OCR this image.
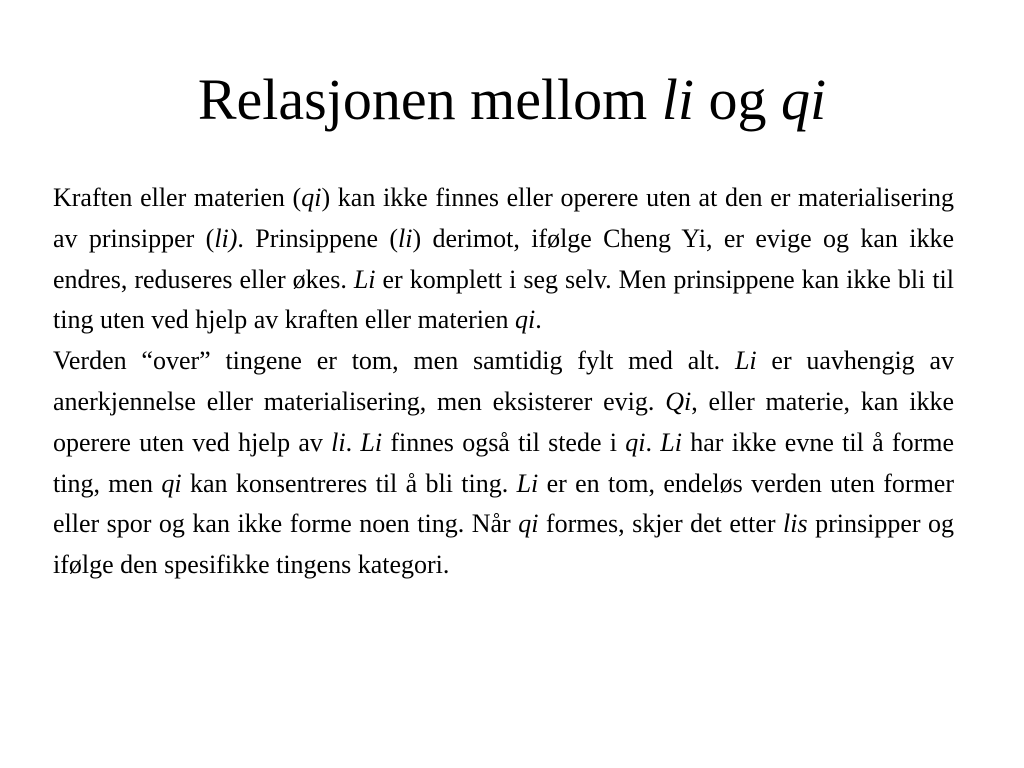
Relasjonen mellom li og qi

Kraften eller materien (qi) kan ikke finnes eller operere uten at den er materialisering av prinsipper (li). Prinsippene (li) derimot, ifølge Cheng Yi, er evige og kan ikke endres, reduseres eller økes. Li er komplett i seg selv. Men prinsippene kan ikke bli til ting uten ved hjelp av kraften eller materien qi.

Verden “over” tingene er tom, men samtidig fylt med alt. Li er uavhengig av anerkjennelse eller materialisering, men eksisterer evig. Qi, eller materie, kan ikke operere uten ved hjelp av li. Li finnes også til stede i qi. Li har ikke evne til å forme ting, men qi kan konsentreres til å bli ting. Li er en tom, endeløs verden uten former eller spor og kan ikke forme noen ting. Når qi formes, skjer det etter lis prinsipper og ifølge den spesifikke tingens kategori.
